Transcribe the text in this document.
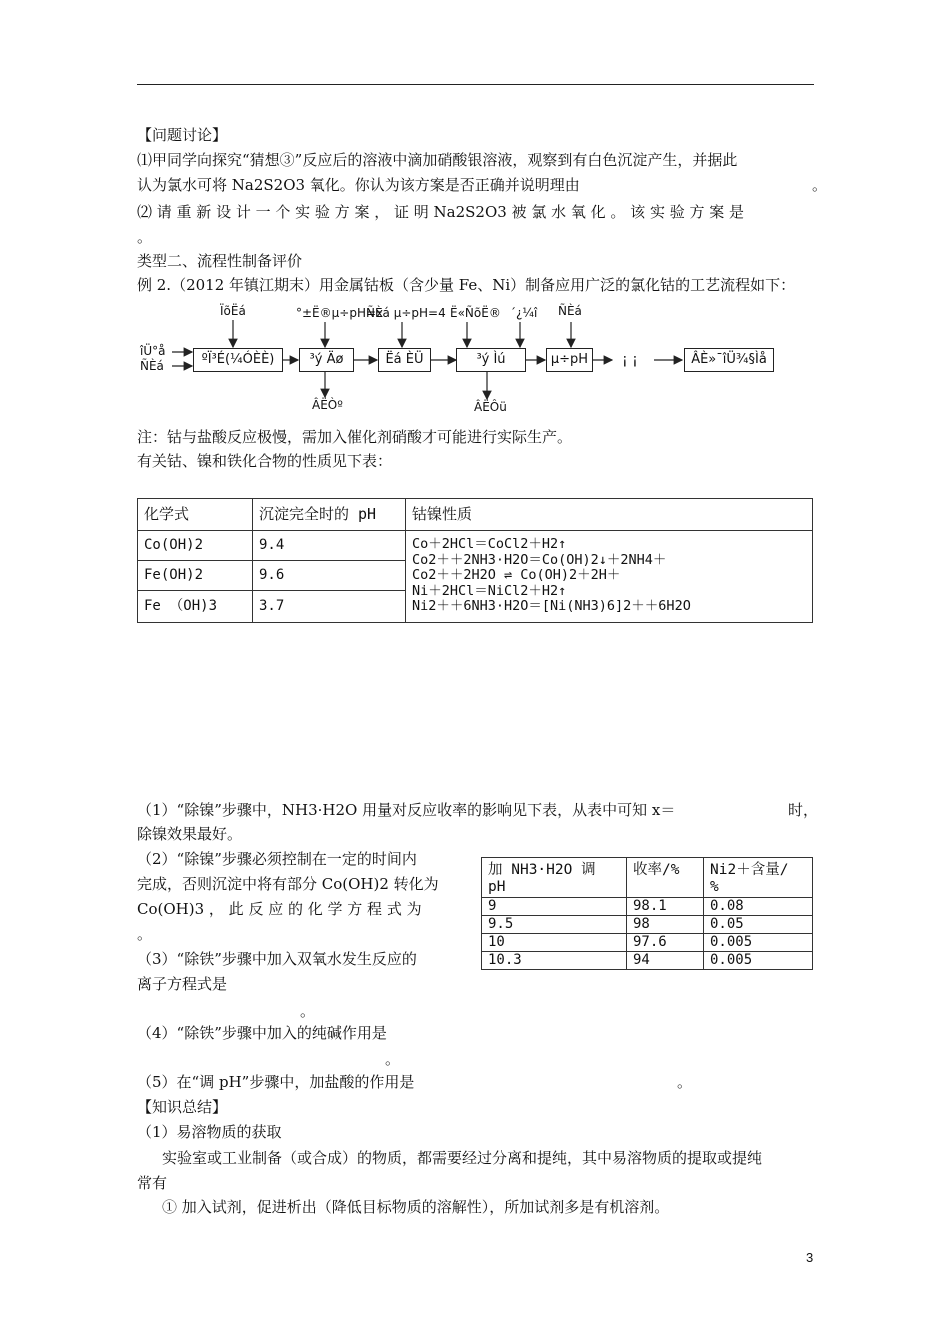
【问题讨论】
⑴甲同学向探究“猜想③”反应后的溶液中滴加硝酸银溶液，观察到有白色沉淀产生，并据此
认为氯水可将 Na2S2O3 氧化。你认为该方案是否正确并说明理由	。
⑵ 请 重 新 设 计 一 个 实 验 方 案 ， 证 明 Na2S2O3 被 氯 水 氧 化 。 该 实 验 方 案 是
。
类型二、流程性制备评价
例 2.（2012 年镇江期末）用金属钴板（含少量 Fe、Ni）制备应用广泛的氯化钴的工艺流程如下：
ÏõËá	°±Ë®µ÷pH=x
ÑÈá µ÷pH=4 Ë«ÑõË® ´¿¼î ÑÈá
îÜ°å
ÑÈá	ºÏ³É(¼ÓÈÈ)	³ý Äø	Ëá ÈÜ	³ý Ìú	µ÷pH	¡ ¡	ÂÈ»¯îÜ¾§Ìå
ÂËÒº	ÂËÔü
注：钴与盐酸反应极慢，需加入催化剂硝酸才可能进行实际生产。
有关钴、镍和铁化合物的性质见下表：
化学式	沉淀完全时的 pH	钴镍性质
Co(OH)2	9.4	Co＋2HCl＝CoCl2＋H2↑
Co2＋＋2NH3·H2O＝Co(OH)2↓＋2NH4＋
Co2＋＋2H2O ⇌ Co(OH)2＋2H＋
Ni＋2HCl＝NiCl2＋H2↑
Ni2＋＋6NH3·H2O＝[Ni(NH3)6]2＋＋6H2O

Fe(OH)2	9.6	
Fe （OH)3	3.7	
（1）“除镍”步骤中，NH3·H2O 用量对反应收率的影响见下表，从表中可知 x＝	时，
除镍效果最好。
（2）“除镍”步骤必须控制在一定的时间内
完成，否则沉淀中将有部分 Co(OH)2 转化为
Co(OH)3 ， 此 反 应 的 化 学 方 程 式 为
。
（3）“除铁”步骤中加入双氧水发生反应的
离子方程式是
。
（4）“除铁”步骤中加入的纯碱作用是
。
（5）在“调 pH”步骤中，加盐酸的作用是	。
加 NH3·H2O 调 pH	收率/%	Ni2＋含量/
%

9	98.1	0.08
9.5	98	0.05
10	97.6	0.005
10.3	94	0.005
【知识总结】
（1）易溶物质的获取
实验室或工业制备（或合成）的物质，都需要经过分离和提纯，其中易溶物质的提取或提纯
常有
① 加入试剂，促进析出（降低目标物质的溶解性），所加试剂多是有机溶剂。
3
